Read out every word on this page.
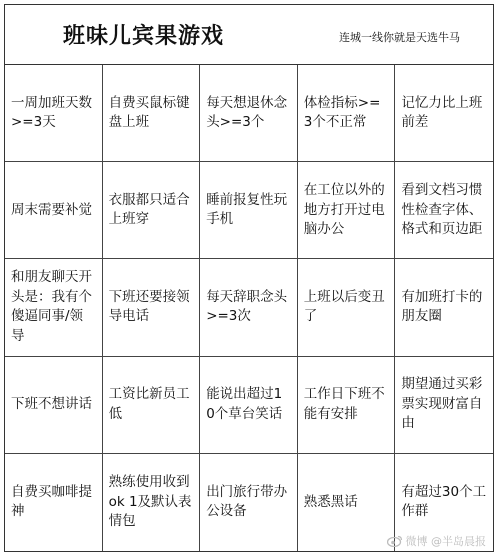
班味儿宾果游戏	连城一线你就是天选牛马
一周加班天数>=3天
自费买鼠标键盘上班
每天想退休念头>=3个
体检指标>=3个不正常
记忆力比上班前差
周末需要补觉
衣服都只适合上班穿
睡前报复性玩手机
在工位以外的地方打开过电脑办公
看到文档习惯性检查字体、格式和页边距
和朋友聊天开头是：我有个傻逼同事/领导
下班还要接领导电话
每天辞职念头>=3次
上班以后变丑了
有加班打卡的朋友圈
下班不想讲话
工资比新员工低
能说出超过10个草台笑话
工作日下班不能有安排
期望通过买彩票实现财富自由
自费买咖啡提神
熟练使用收到ok 1及默认表情包
出门旅行带办公设备
熟悉黑话
有超过30个工作群
微博 @半岛晨报
